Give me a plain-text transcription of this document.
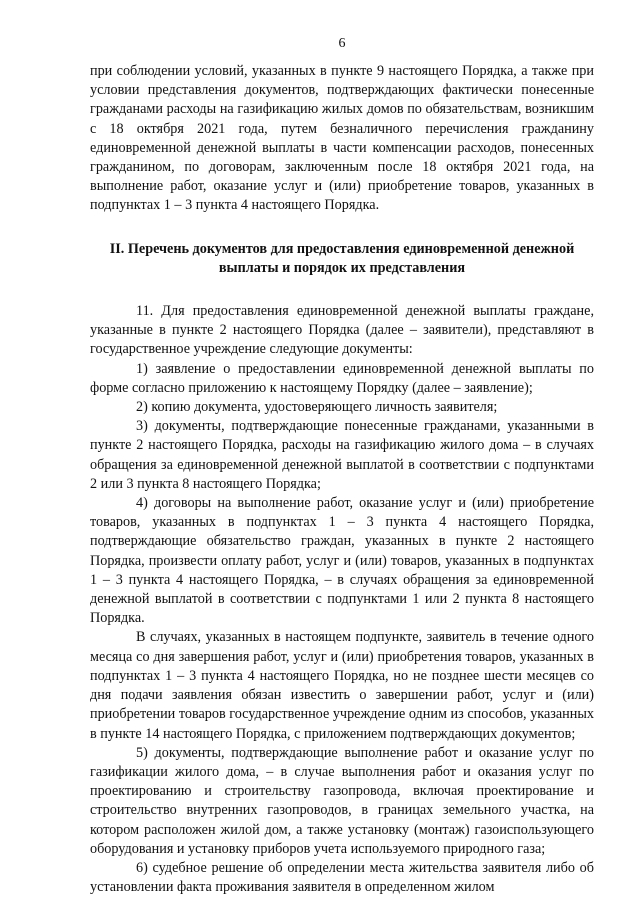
6

при соблюдении условий, указанных в пункте 9 настоящего Порядка, а также при условии представления документов, подтверждающих фактически понесенные гражданами расходы на газификацию жилых домов по обязательствам, возникшим с 18 октября 2021 года, путем безналичного перечисления гражданину единовременной денежной выплаты в части компенсации расходов, понесенных гражданином, по договорам, заключенным после 18 октября 2021 года, на выполнение работ, оказание услуг и (или) приобретение товаров, указанных в подпунктах 1 – 3 пункта 4 настоящего Порядка.

II. Перечень документов для предоставления единовременной денежной выплаты и порядок их представления

11. Для предоставления единовременной денежной выплаты граждане, указанные в пункте 2 настоящего Порядка (далее – заявители), представляют в государственное учреждение следующие документы:

1) заявление о предоставлении единовременной денежной выплаты по форме согласно приложению к настоящему Порядку (далее – заявление);

2) копию документа, удостоверяющего личность заявителя;

3) документы, подтверждающие понесенные гражданами, указанными в пункте 2 настоящего Порядка, расходы на газификацию жилого дома – в случаях обращения за единовременной денежной выплатой в соответствии с подпунктами 2 или 3 пункта 8 настоящего Порядка;

4) договоры на выполнение работ, оказание услуг и (или) приобретение товаров, указанных в подпунктах 1 – 3 пункта 4 настоящего Порядка, подтверждающие обязательство граждан, указанных в пункте 2 настоящего Порядка, произвести оплату работ, услуг и (или) товаров, указанных в подпунктах 1 – 3 пункта 4 настоящего Порядка, – в случаях обращения за единовременной денежной выплатой в соответствии с подпунктами 1 или 2 пункта 8 настоящего Порядка.

В случаях, указанных в настоящем подпункте, заявитель в течение одного месяца со дня завершения работ, услуг и (или) приобретения товаров, указанных в подпунктах 1 – 3 пункта 4 настоящего Порядка, но не позднее шести месяцев со дня подачи заявления обязан известить о завершении работ, услуг и (или) приобретении товаров государственное учреждение одним из способов, указанных в пункте 14 настоящего Порядка, с приложением подтверждающих документов;

5) документы, подтверждающие выполнение работ и оказание услуг по газификации жилого дома, – в случае выполнения работ и оказания услуг по проектированию и строительству газопровода, включая проектирование и строительство внутренних газопроводов, в границах земельного участка, на котором расположен жилой дом, а также установку (монтаж) газоиспользующего оборудования и установку приборов учета используемого природного газа;

6) судебное решение об определении места жительства заявителя либо об установлении факта проживания заявителя в определенном жилом
